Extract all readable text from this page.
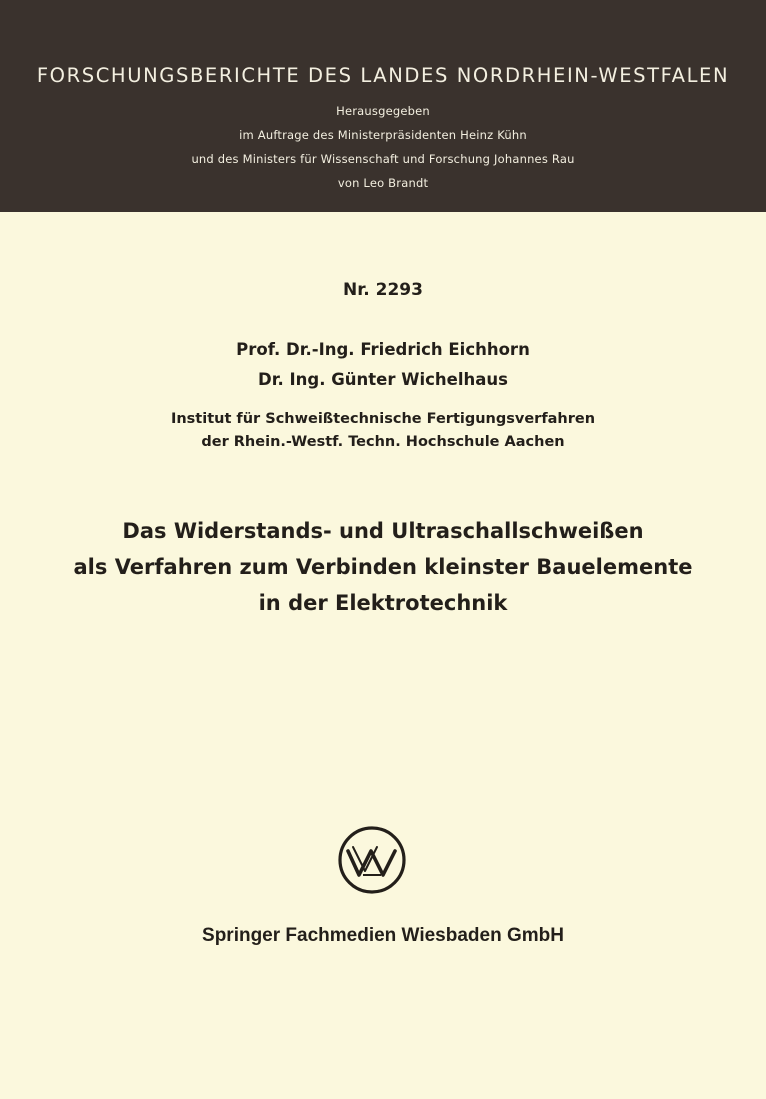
FORSCHUNGSBERICHTE DES LANDES NORDRHEIN-WESTFALEN
Herausgegeben
im Auftrage des Ministerpräsidenten Heinz Kühn
und des Ministers für Wissenschaft und Forschung Johannes Rau
von Leo Brandt
Nr. 2293
Prof. Dr.-Ing. Friedrich Eichhorn
Dr. Ing. Günter Wichelhaus
Institut für Schweißtechnische Fertigungsverfahren
der Rhein.-Westf. Techn. Hochschule Aachen
Das Widerstands- und Ultraschallschweißen
als Verfahren zum Verbinden kleinster Bauelemente
in der Elektrotechnik
Springer Fachmedien Wiesbaden GmbH
